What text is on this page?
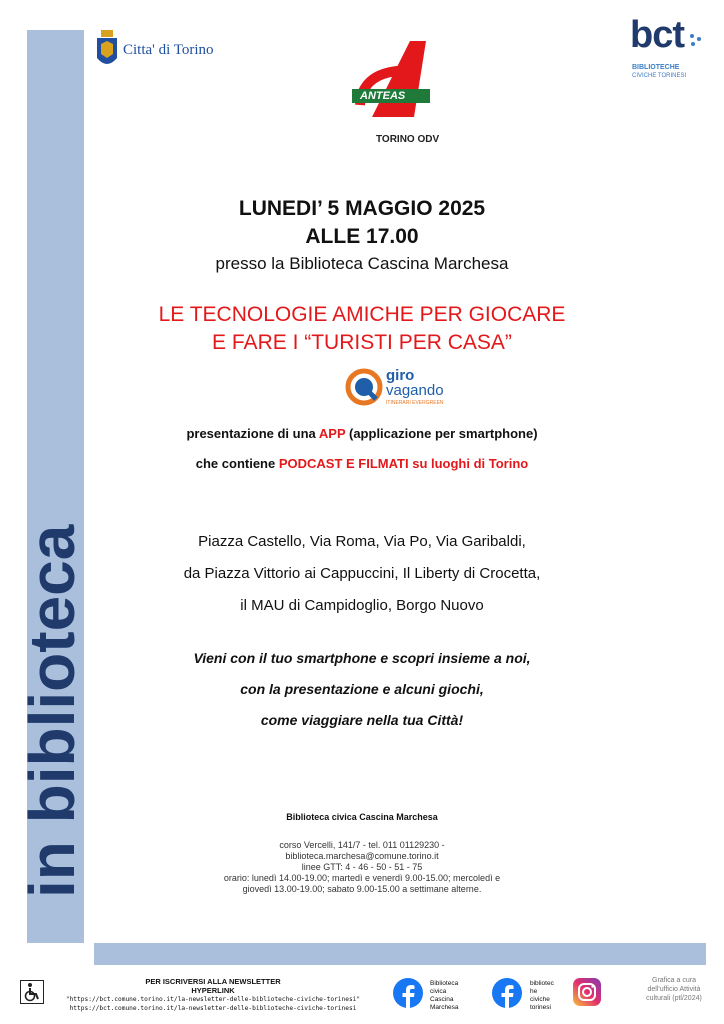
in biblioteca
Citta' di Torino
ANTEAS
TORINO ODV
bct
BIBLIOTECHE
CIVICHE TORINESI
LUNEDI’ 5 MAGGIO 2025
ALLE 17.00
presso la Biblioteca Cascina Marchesa
LE TECNOLOGIE AMICHE PER GIOCARE
E FARE I “TURISTI PER CASA”
giro
vagando
ITINERARI EVERGREEN
presentazione di una APP (applicazione per smartphone)
che contiene PODCAST E FILMATI su luoghi di Torino
Piazza Castello, Via Roma, Via Po, Via Garibaldi,
da Piazza Vittorio ai Cappuccini, Il Liberty di Crocetta,
il MAU di Campidoglio, Borgo Nuovo
Vieni con il tuo smartphone e scopri insieme a noi,
con la presentazione e alcuni giochi,
come viaggiare nella tua Città!
Biblioteca civica Cascina Marchesa
corso Vercelli, 141/7 - tel. 011 01129230 -
biblioteca.marchesa@comune.torino.it
linee GTT: 4 - 46 - 50 - 51 - 75
orario: lunedì 14.00-19.00; martedì e venerdì 9.00-15.00; mercoledì e
giovedì 13.00-19.00; sabato 9.00-15.00 a settimane alterne.
PER ISCRIVERSI ALLA NEWSLETTER
HYPERLINK
"https://bct.comune.torino.it/la-newsletter-delle-biblioteche-civiche-torinesi"
https://bct.comune.torino.it/la-newsletter-delle-biblioteche-civiche-torinesi
Biblioteca
civica
Cascina
Marchesa
bibliotec
he
civiche
torinesi
Grafica a cura
dell'ufficio Attività
culturali (ptl/2024)
